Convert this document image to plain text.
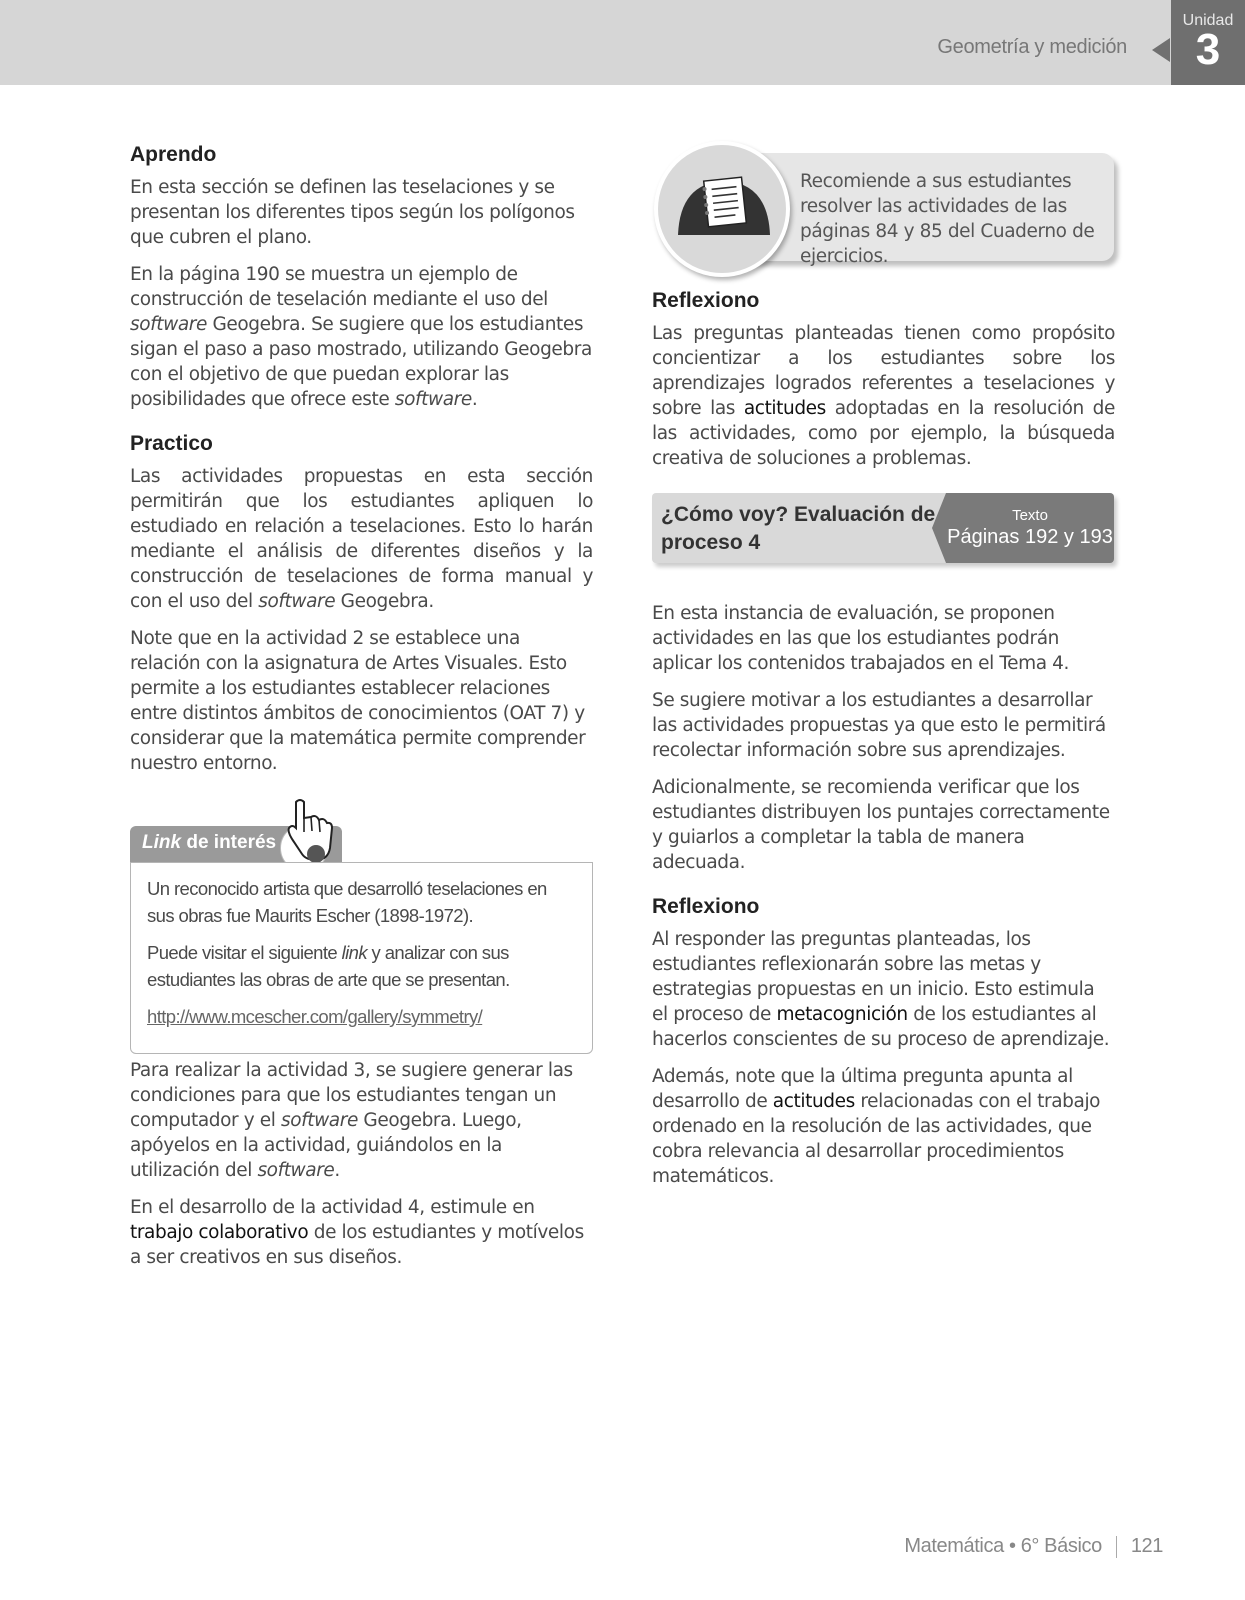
Geometría y medición
Unidad
3
Aprendo

En esta sección se definen las teselaciones y se presentan los diferentes tipos según los polígonos que cubren el plano.

En la página 190 se muestra un ejemplo de construcción de teselación mediante el uso del software Geogebra. Se sugiere que los estudiantes sigan el paso a paso mostrado, utilizando Geogebra con el objetivo de que puedan explorar las posibilidades que ofrece este software.

Practico

Las actividades propuestas en esta sección permitirán que los estudiantes apliquen lo estudiado en relación a teselaciones. Esto lo harán mediante el análisis de diferentes diseños y la construcción de teselaciones de forma manual y con el uso del software Geogebra.

Note que en la actividad 2 se establece una relación con la asignatura de Artes Visuales. Esto permite a los estudiantes establecer relaciones entre distintos ámbitos de conocimientos (OAT 7) y considerar que la matemática permite comprender nuestro entorno.

Link de interés

Un reconocido artista que desarrolló teselaciones en sus obras fue Maurits Escher (1898-1972).

Puede visitar el siguiente link y analizar con sus estudiantes las obras de arte que se presentan.

http://www.mcescher.com/gallery/symmetry/

Para realizar la actividad 3, se sugiere generar las condiciones para que los estudiantes tengan un computador y el software Geogebra. Luego, apóyelos en la actividad, guiándolos en la utilización del software.

En el desarrollo de la actividad 4, estimule en trabajo colaborativo de los estudiantes y motívelos a ser creativos en sus diseños.

Recomiende a sus estudiantes resolver las actividades de las páginas 84 y 85 del Cuaderno de ejercicios.

Reflexiono

Las preguntas planteadas tienen como propósito concientizar a los estudiantes sobre los aprendizajes logrados referentes a teselaciones y sobre las actitudes adoptadas en la resolución de las actividades, como por ejemplo, la búsqueda creativa de soluciones a problemas.

¿Cómo voy? Evaluación de proceso 4
Texto
Páginas 192 y 193

En esta instancia de evaluación, se proponen actividades en las que los estudiantes podrán aplicar los contenidos trabajados en el Tema 4.

Se sugiere motivar a los estudiantes a desarrollar las actividades propuestas ya que esto le permitirá recolectar información sobre sus aprendizajes.

Adicionalmente, se recomienda verificar que los estudiantes distribuyen los puntajes correctamente y guiarlos a completar la tabla de manera adecuada.

Reflexiono

Al responder las preguntas planteadas, los estudiantes reflexionarán sobre las metas y estrategias propuestas en un inicio. Esto estimula el proceso de metacognición de los estudiantes al hacerlos conscientes de su proceso de aprendizaje.

Además, note que la última pregunta apunta al desarrollo de actitudes relacionadas con el trabajo ordenado en la resolución de las actividades, que cobra relevancia al desarrollar procedimientos matemáticos.

Matemática • 6° Básico 121
